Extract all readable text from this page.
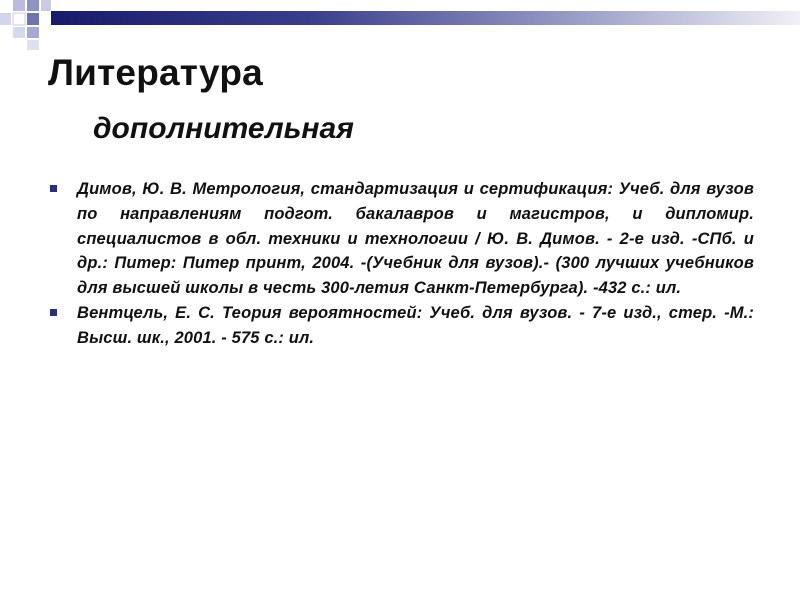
Литература
дополнительная
Димов, Ю. В. Метрология, стандартизация и сертификация: Учеб. для вузов по направлениям подгот. бакалавров и магистров, и дипломир. специалистов в обл. техники и технологии / Ю. В. Димов. - 2-е изд. -СПб. и др.: Питер: Питер принт, 2004. -(Учебник для вузов).- (300 лучших учебников для высшей школы в честь 300-летия Санкт-Петербурга). -432 с.: ил.
Вентцель, Е. С. Теория вероятностей: Учеб. для вузов. - 7-е изд., стер. -М.: Высш. шк., 2001. - 575 с.: ил.
